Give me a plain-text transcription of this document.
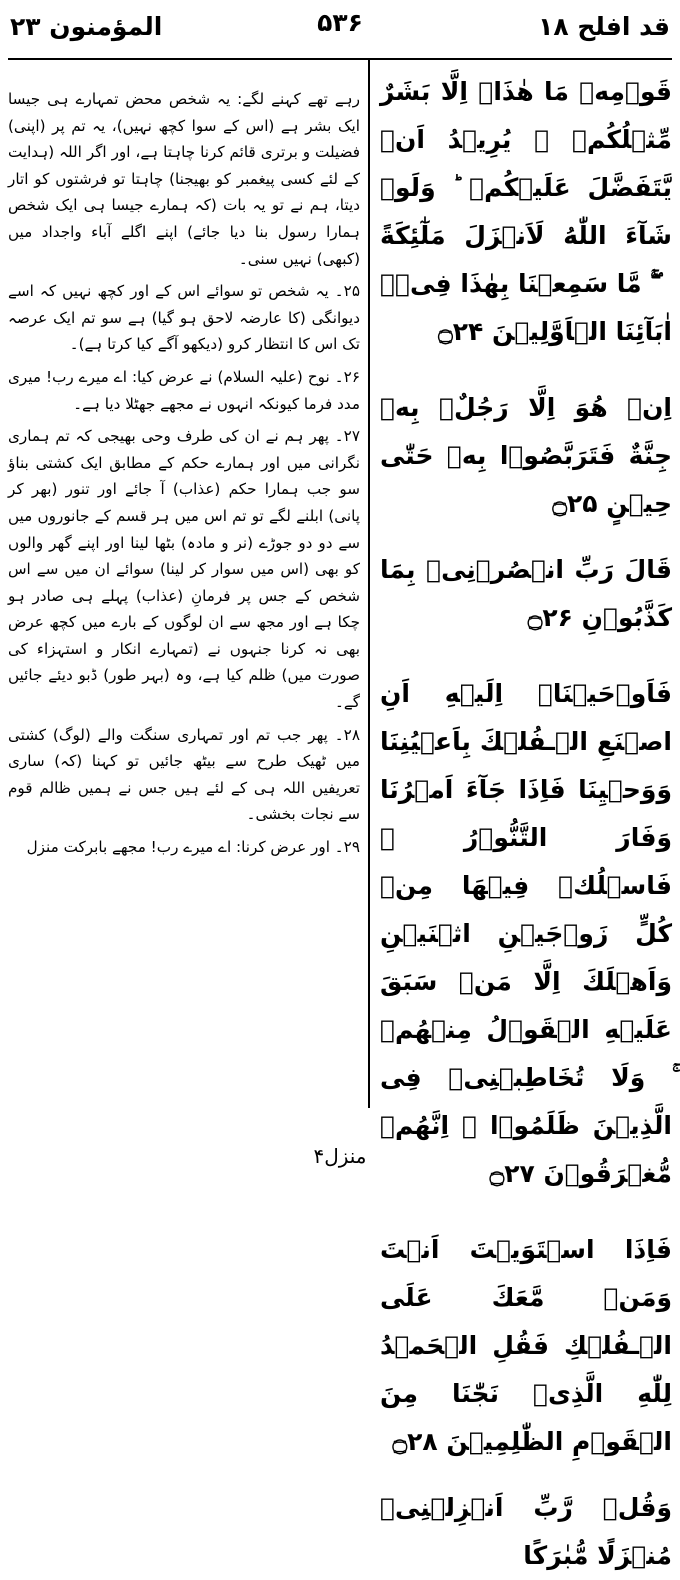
قد افلح ۱۸
۵۳۶
المؤمنون ۲۳

قَوۡمِهٖ مَا هٰذَاۤ اِلَّا بَشَرٌ مِّثۡلُكُمۡ ۙ يُرِيۡدُ اَنۡ يَّتَفَضَّلَ عَلَيۡكُمۡ ؕ وَلَوۡ شَآءَ اللّٰهُ لَاَنۡزَلَ مَلٰٓئِكَةً ۖۚ مَّا سَمِعۡنَا بِهٰذَا فِىۡۤ اٰبَآئِنَا الۡاَوَّلِيۡنَ ۝۲۴

اِنۡ هُوَ اِلَّا رَجُلٌۢ بِهٖ جِنَّةٌ فَتَرَبَّصُوۡا بِهٖ حَتّٰى حِيۡنٍ ۝۲۵

قَالَ رَبِّ انۡصُرۡنِىۡ بِمَا كَذَّبُوۡنِ ۝۲۶

فَاَوۡحَيۡنَاۤ اِلَيۡهِ اَنِ اصۡنَعِ الۡـفُلۡكَ بِاَعۡيُنِنَا وَوَحۡيِنَا فَاِذَا جَآءَ اَمۡرُنَا وَفَارَ التَّنُّوۡرُ ۙ فَاسۡلُكۡ فِيۡهَا مِنۡ كُلٍّ زَوۡجَيۡنِ اثۡنَيۡنِ وَاَهۡلَكَ اِلَّا مَنۡ سَبَقَ عَلَيۡهِ الۡقَوۡلُ مِنۡهُمۡ ۚ وَلَا تُخَاطِبۡنِىۡ فِى الَّذِيۡنَ ظَلَمُوۡا ۚ اِنَّهُمۡ مُّغۡرَقُوۡنَ ۝۲۷

فَاِذَا اسۡتَوَيۡتَ اَنۡتَ وَمَنۡ مَّعَكَ عَلَى الۡـفُلۡكِ فَقُلِ الۡحَمۡدُ لِلّٰهِ الَّذِىۡ نَجّٰنَا مِنَ الۡقَوۡمِ الظّٰلِمِيۡنَ ۝۲۸

وَقُلۡ رَّبِّ اَنۡزِلۡنِىۡ مُنۡزَلًا مُّبٰرَكًا

رہے تھے کہنے لگے: یہ شخص محض تمہارے ہی جیسا ایک بشر ہے (اس کے سوا کچھ نہیں)، یہ تم پر (اپنی) فضیلت و برتری قائم کرنا چاہتا ہے، اور اگر اللہ (ہدایت کے لئے کسی پیغمبر کو بھیجنا) چاہتا تو فرشتوں کو اتار دیتا، ہم نے تو یہ بات (کہ ہمارے جیسا ہی ایک شخص ہمارا رسول بنا دیا جائے) اپنے اگلے آباء واجداد میں (کبھی) نہیں سنی۔

۲۵۔ یہ شخص تو سوائے اس کے اور کچھ نہیں کہ اسے دیوانگی (کا عارضہ لاحق ہو گیا) ہے سو تم ایک عرصہ تک اس کا انتظار کرو (دیکھو آگے کیا کرتا ہے)۔

۲۶۔ نوح (علیہ السلام) نے عرض کیا: اے میرے رب! میری مدد فرما کیونکہ انہوں نے مجھے جھٹلا دیا ہے۔

۲۷۔ پھر ہم نے ان کی طرف وحی بھیجی کہ تم ہماری نگرانی میں اور ہمارے حکم کے مطابق ایک کشتی بناؤ سو جب ہمارا حکم (عذاب) آ جائے اور تنور (بھر کر پانی) ابلنے لگے تو تم اس میں ہر قسم کے جانوروں میں سے دو دو جوڑے (نر و مادہ) بٹھا لینا اور اپنے گھر والوں کو بھی (اس میں سوار کر لینا) سوائے ان میں سے اس شخص کے جس پر فرمانِ (عذاب) پہلے ہی صادر ہو چکا ہے اور مجھ سے ان لوگوں کے بارے میں کچھ عرض بھی نہ کرنا جنہوں نے (تمہارے انکار و استہزاء کی صورت میں) ظلم کیا ہے، وہ (بہر طور) ڈبو دیئے جائیں گے۔

۲۸۔ پھر جب تم اور تمہاری سنگت والے (لوگ) کشتی میں ٹھیک طرح سے بیٹھ جائیں تو کہنا (کہ) ساری تعریفیں اللہ ہی کے لئے ہیں جس نے ہمیں ظالم قوم سے نجات بخشی۔

۲۹۔ اور عرض کرنا: اے میرے رب! مجھے بابرکت منزل

منزل۴
